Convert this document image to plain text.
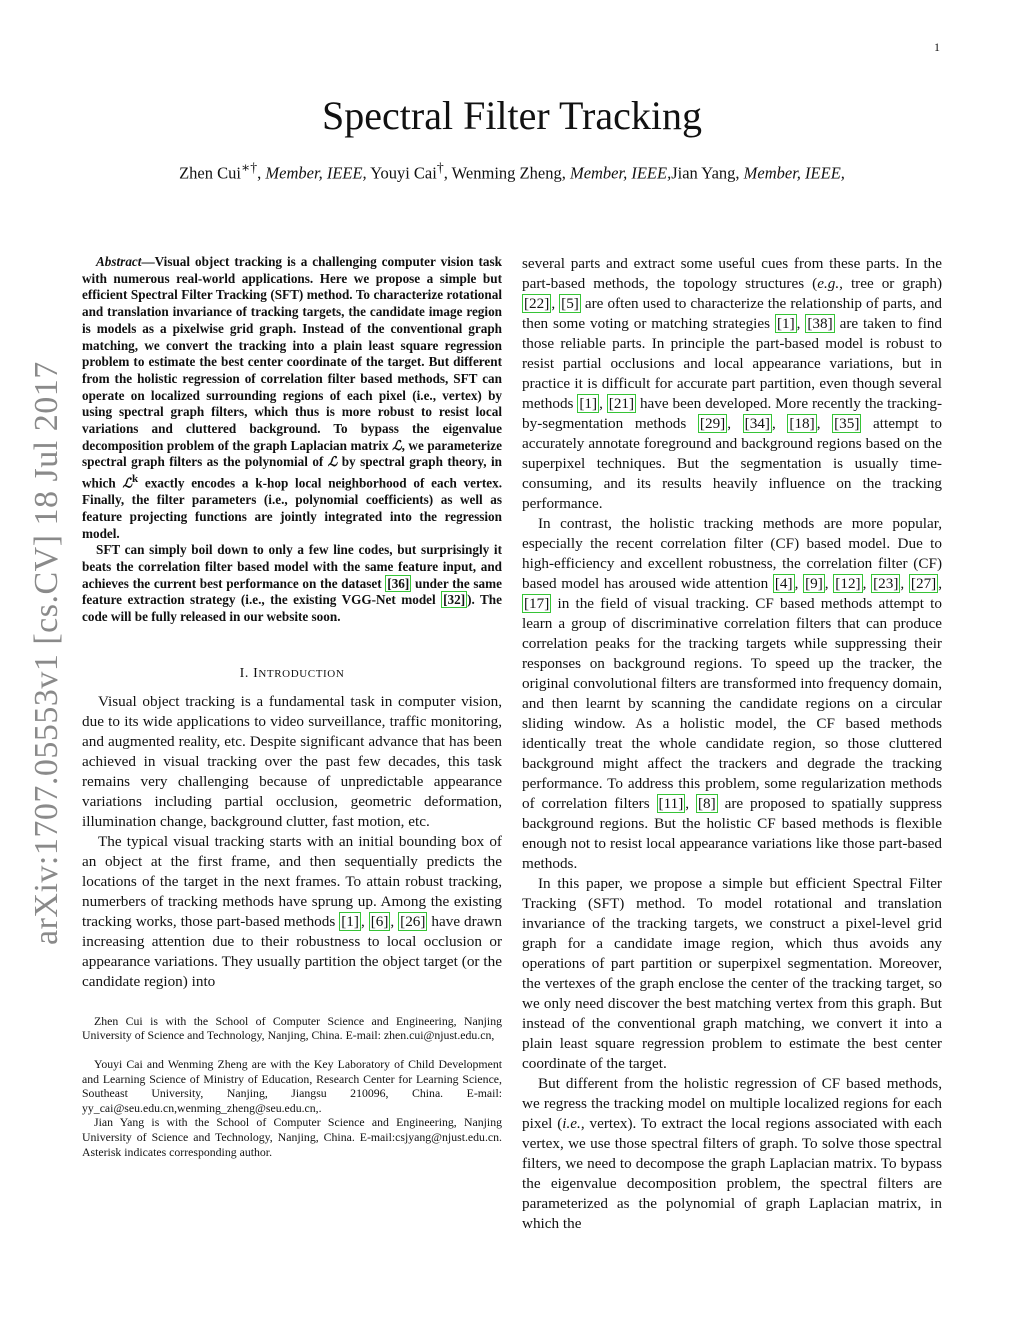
1
Spectral Filter Tracking
Zhen Cui∗†, Member, IEEE, Youyi Cai†, Wenming Zheng, Member, IEEE,Jian Yang, Member, IEEE,
arXiv:1707.05553v1 [cs.CV] 18 Jul 2017

Abstract—Visual object tracking is a challenging computer vision task with numerous real-world applications. Here we propose a simple but efficient Spectral Filter Tracking (SFT) method. To characterize rotational and translation invariance of tracking targets, the candidate image region is models as a pixelwise grid graph. Instead of the conventional graph matching, we convert the tracking into a plain least square regression problem to estimate the best center coordinate of the target. But different from the holistic regression of correlation filter based methods, SFT can operate on localized surrounding regions of each pixel (i.e., vertex) by using spectral graph filters, which thus is more robust to resist local variations and cluttered background. To bypass the eigenvalue decomposition problem of the graph Laplacian matrix ℒ, we parameterize spectral graph filters as the polynomial of ℒ by spectral graph theory, in which ℒ$^k$ exactly encodes a k-hop local neighborhood of each vertex. Finally, the filter parameters (i.e., polynomial coefficients) as well as feature projecting functions are jointly integrated into the regression model.

SFT can simply boil down to only a few line codes, but surprisingly it beats the correlation filter based model with the same feature input, and achieves the current best performance on the dataset [36] under the same feature extraction strategy (i.e., the existing VGG-Net model [32] ). The code will be fully released in our website soon.

I. INTRODUCTION

Visual object tracking is a fundamental task in computer vision, due to its wide applications to video surveillance, traffic monitoring, and augmented reality, etc. Despite significant advance that has been achieved in visual tracking over the past few decades, this task remains very challenging because of unpredictable appearance variations including partial occlusion, geometric deformation, illumination change, background clutter, fast motion, etc.

The typical visual tracking starts with an initial bounding box of an object at the first frame, and then sequentially predicts the locations of the target in the next frames. To attain robust tracking, numerbers of tracking methods have sprung up. Among the existing tracking works, those part-based methods [1] , [6] , [26] have drawn increasing attention due to their robustness to local occlusion or appearance variations. They usually partition the object target (or the candidate region) into

Zhen Cui is with the School of Computer Science and Engineering, Nanjing University of Science and Technology, Nanjing, China. E-mail: zhen.cui@njust.edu.cn,

Youyi Cai and Wenming Zheng are with the Key Laboratory of Child Development and Learning Science of Ministry of Education, Research Center for Learning Science, Southeast University, Nanjing, Jiangsu 210096, China. E-mail: yy_cai@seu.edu.cn,wenming_zheng@seu.edu.cn,.

Jian Yang is with the School of Computer Science and Engineering, Nanjing University of Science and Technology, Nanjing, China. E-mail:csjyang@njust.edu.cn. Asterisk indicates corresponding author.

several parts and extract some useful cues from these parts. In the part-based methods, the topology structures (e.g., tree or graph) [22] , [5] are often used to characterize the relationship of parts, and then some voting or matching strategies [1] , [38] are taken to find those reliable parts. In principle the part-based model is robust to resist partial occlusions and local appearance variations, but in practice it is difficult for accurate part partition, even though several methods [1] , [21] have been developed. More recently the tracking-by-segmentation methods [29] , [34] , [18] , [35] attempt to accurately annotate foreground and background regions based on the superpixel techniques. But the segmentation is usually time-consuming, and its results heavily influence on the tracking performance.

In contrast, the holistic tracking methods are more popular, especially the recent correlation filter (CF) based model. Due to high-efficiency and excellent robustness, the correlation filter (CF) based model has aroused wide attention [4] , [9] , [12] , [23] , [27] , [17] in the field of visual tracking. CF based methods attempt to learn a group of discriminative correlation filters that can produce correlation peaks for the tracking targets while suppressing their responses on background regions. To speed up the tracker, the original convolutional filters are transformed into frequency domain, and then learnt by scanning the candidate regions on a circular sliding window. As a holistic model, the CF based methods identically treat the whole candidate region, so those cluttered background might affect the trackers and degrade the tracking performance. To address this problem, some regularization methods of correlation filters [11] , [8] are proposed to spatially suppress background regions. But the holistic CF based methods is flexible enough not to resist local appearance variations like those part-based methods.

In this paper, we propose a simple but efficient Spectral Filter Tracking (SFT) method. To model rotational and translation invariance of the tracking targets, we construct a pixel-level grid graph for a candidate image region, which thus avoids any operations of part partition or superpixel segmentation. Moreover, the vertexes of the graph enclose the center of the tracking target, so we only need discover the best matching vertex from this graph. But instead of the conventional graph matching, we convert it into a plain least square regression problem to estimate the best center coordinate of the target.

But different from the holistic regression of CF based methods, we regress the tracking model on multiple localized regions for each pixel (i.e., vertex). To extract the local regions associated with each vertex, we use those spectral filters of graph. To solve those spectral filters, we need to decompose the graph Laplacian matrix. To bypass the eigenvalue decomposition problem, the spectral filters are parameterized as the polynomial of graph Laplacian matrix, in which the
